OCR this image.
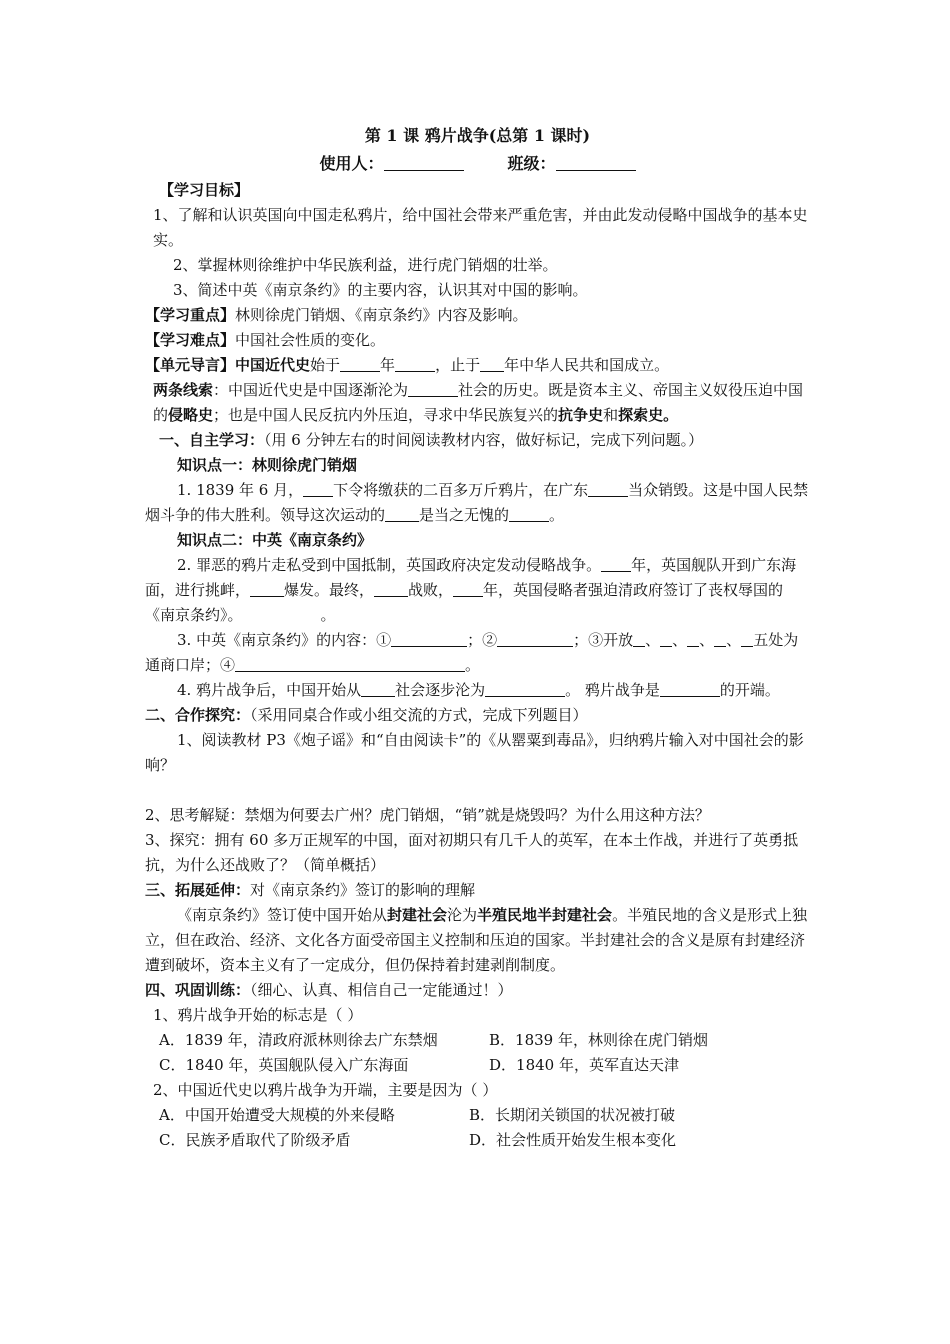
第 1 课 鸦片战争(总第 1 课时)
使用人：	班级：

【学习目标】

1、了解和认识英国向中国走私鸦片，给中国社会带来严重危害，并由此发动侵略中国战争的基本史实。

2、掌握林则徐维护中华民族利益，进行虎门销烟的壮举。

3、简述中英《南京条约》的主要内容，认识其对中国的影响。

【学习重点】林则徐虎门销烟、《南京条约》内容及影响。

【学习难点】中国社会性质的变化。

【单元导言】中国近代史始于	年	，止于 年中华人民共和国成立。

两条线索：中国近代史是中国逐渐沦为	社会的历史。既是资本主义、帝国主义奴役压迫中国的侵略史；也是中国人民反抗内外压迫，寻求中华民族复兴的抗争史和探索史。

一、自主学习：（用 6 分钟左右的时间阅读教材内容，做好标记，完成下列问题。）

知识点一：林则徐虎门销烟

1. 1839 年 6 月， 下令将缴获的二百多万斤鸦片，在广东	当众销毁。这是中国人民禁烟斗争的伟大胜利。领导这次运动的 是当之无愧的	。

知识点二：中英《南京条约》

2. 罪恶的鸦片走私受到中国抵制，英国政府决定发动侵略战争。 年，英国舰队开到广东海面，进行挑衅， 爆发。最终， 战败， 年，英国侵略者强迫清政府签订了丧权辱国的 《南京条约》。	。

3. 中英《南京条约》的内容：①	；②	；③开放 、 、 、 、 五处为通商口岸；④	。

4. 鸦片战争后，中国开始从 社会逐步沦为	。 鸦片战争是	的开端。

二、合作探究：（采用同桌合作或小组交流的方式，完成下列题目）

1、阅读教材 P3《炮子谣》和“自由阅读卡”的《从罂粟到毒品》，归纳鸦片输入对中国社会的影响？

2、思考解疑：禁烟为何要去广州？虎门销烟，“销”就是烧毁吗？为什么用这种方法？

3、探究：拥有 60 多万正规军的中国，面对初期只有几千人的英军，在本土作战，并进行了英勇抵抗，为什么还战败了？（简单概括）

三、拓展延伸：对《南京条约》签订的影响的理解

《南京条约》签订使中国开始从封建社会沦为半殖民地半封建社会。半殖民地的含义是形式上独立，但在政治、经济、文化各方面受帝国主义控制和压迫的国家。半封建社会的含义是原有封建经济遭到破坏，资本主义有了一定成分，但仍保持着封建剥削制度。

四、巩固训练：（细心、认真、相信自己一定能通过！）

1、鸦片战争开始的标志是（ ）

A．1839 年，清政府派林则徐去广东禁烟	B．1839 年，林则徐在虎门销烟
C．1840 年，英国舰队侵入广东海面	D．1840 年，英军直达天津

2、中国近代史以鸦片战争为开端，主要是因为（ ）

A．中国开始遭受大规模的外来侵略	B．长期闭关锁国的状况被打破
C．民族矛盾取代了阶级矛盾	D．社会性质开始发生根本变化
